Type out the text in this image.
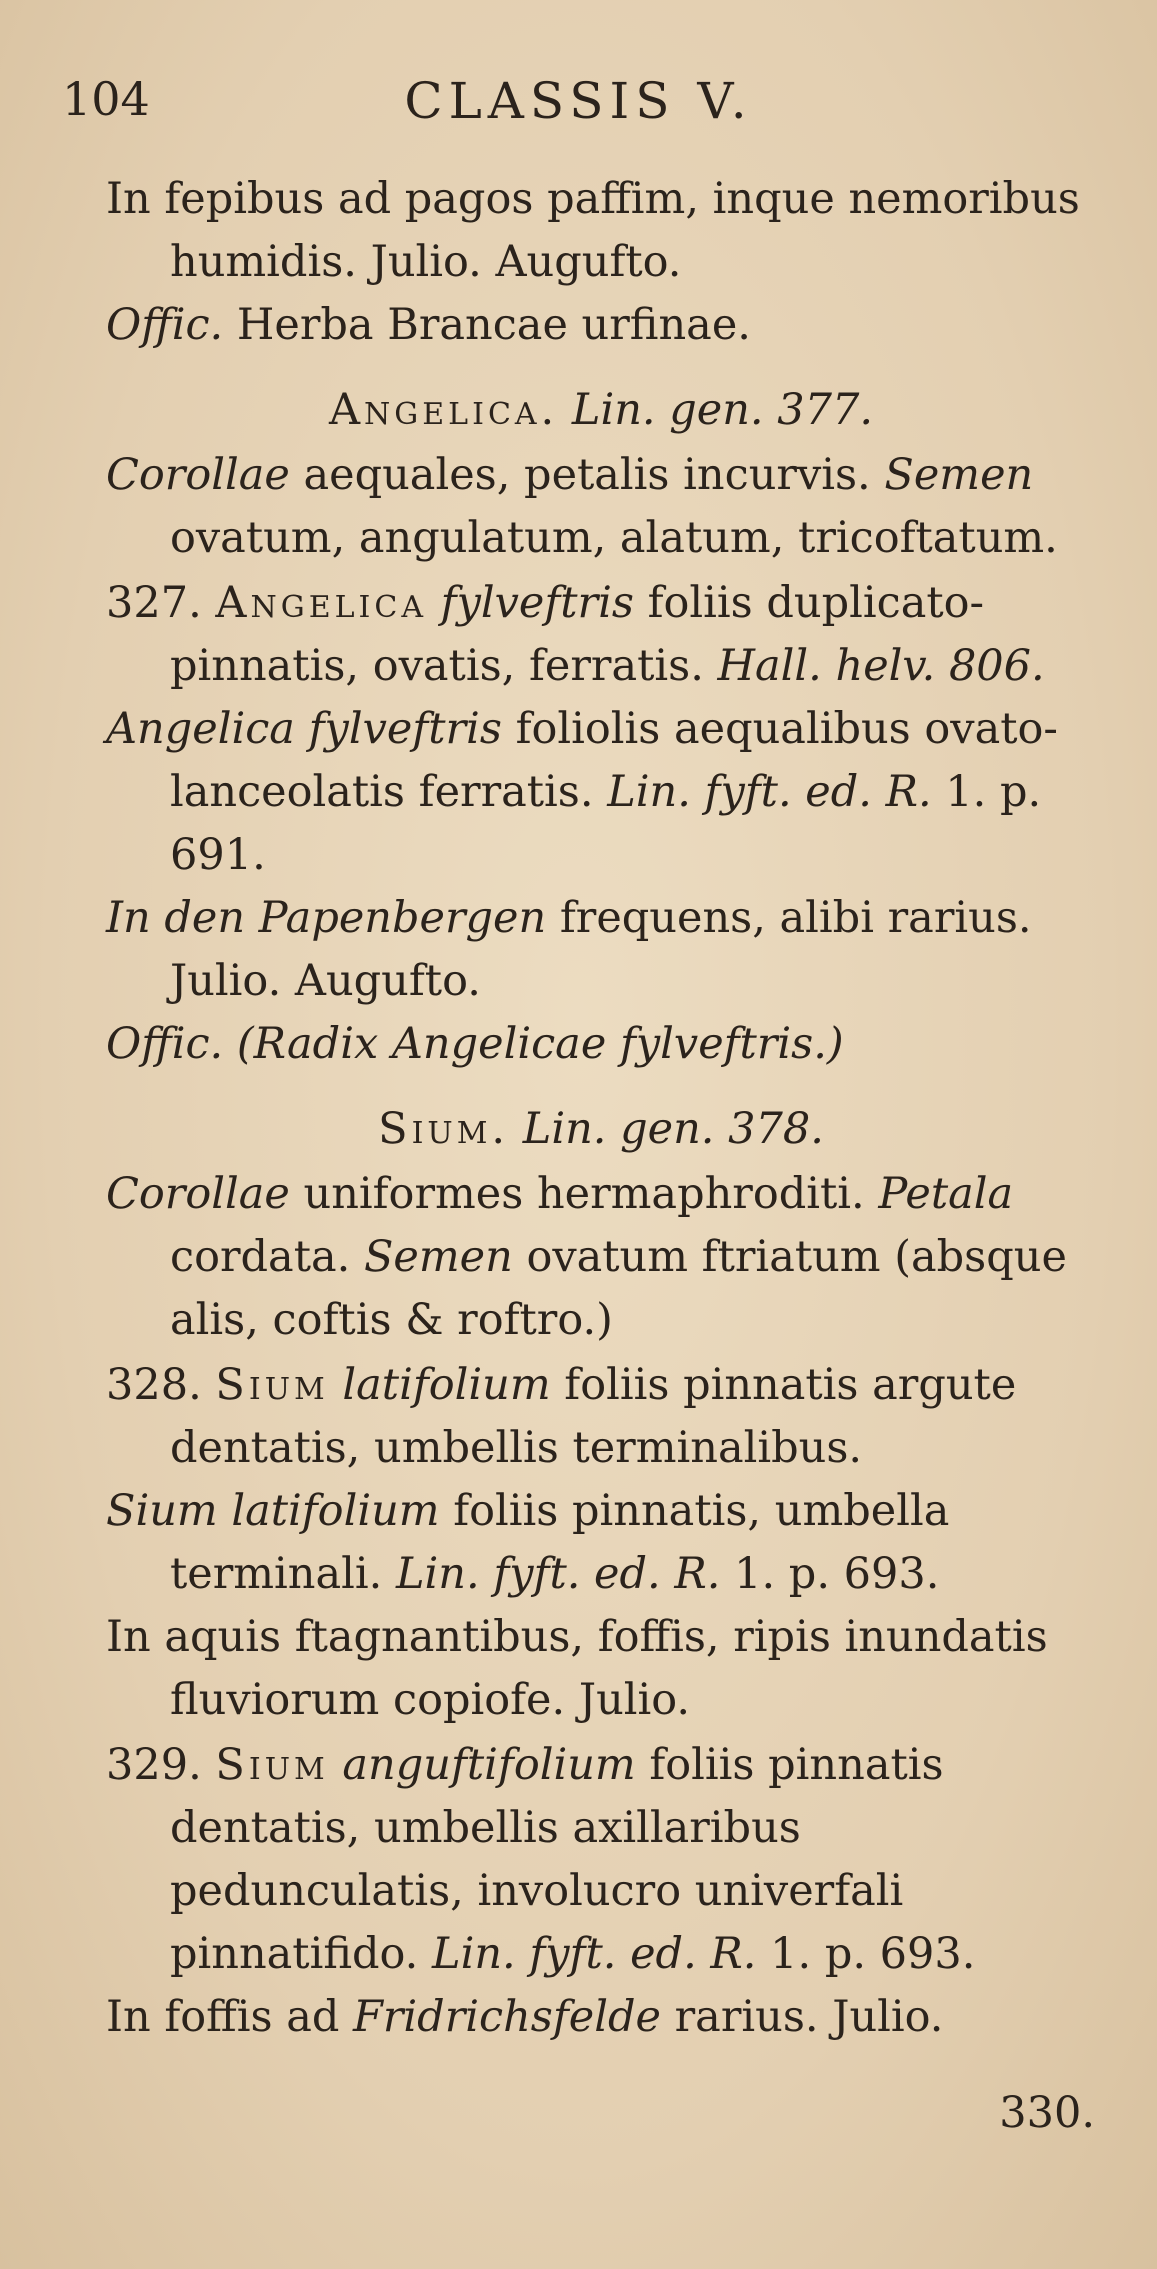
104	CLASSIS V.

In fepibus ad pagos paffim, inque nemoribus humidis. Julio. Augufto.

Offic. Herba Brancae urfinae.

Angelica. Lin. gen. 377.

Corollae aequales, petalis incurvis. Semen ovatum, angulatum, alatum, tricoftatum.

327. Angelica fylveftris foliis duplicato-pinnatis, ovatis, ferratis. Hall. helv. 806.

Angelica fylveftris foliolis aequalibus ovato-lanceolatis ferratis. Lin. fyft. ed. R. 1. p. 691.

In den Papenbergen frequens, alibi rarius. Julio. Augufto.

Offic. (Radix Angelicae fylveftris.)

Sium. Lin. gen. 378.

Corollae uniformes hermaphroditi. Petala cordata. Semen ovatum ftriatum (absque alis, coftis & roftro.)

328. Sium latifolium foliis pinnatis argute dentatis, umbellis terminalibus.

Sium latifolium foliis pinnatis, umbella terminali. Lin. fyft. ed. R. 1. p. 693.

In aquis ftagnantibus, foffis, ripis inundatis fluviorum copiofe. Julio.

329. Sium anguftifolium foliis pinnatis dentatis, umbellis axillaribus pedunculatis, involucro univerfali pinnatifido. Lin. fyft. ed. R. 1. p. 693.

In foffis ad Fridrichsfelde rarius. Julio.

330.
